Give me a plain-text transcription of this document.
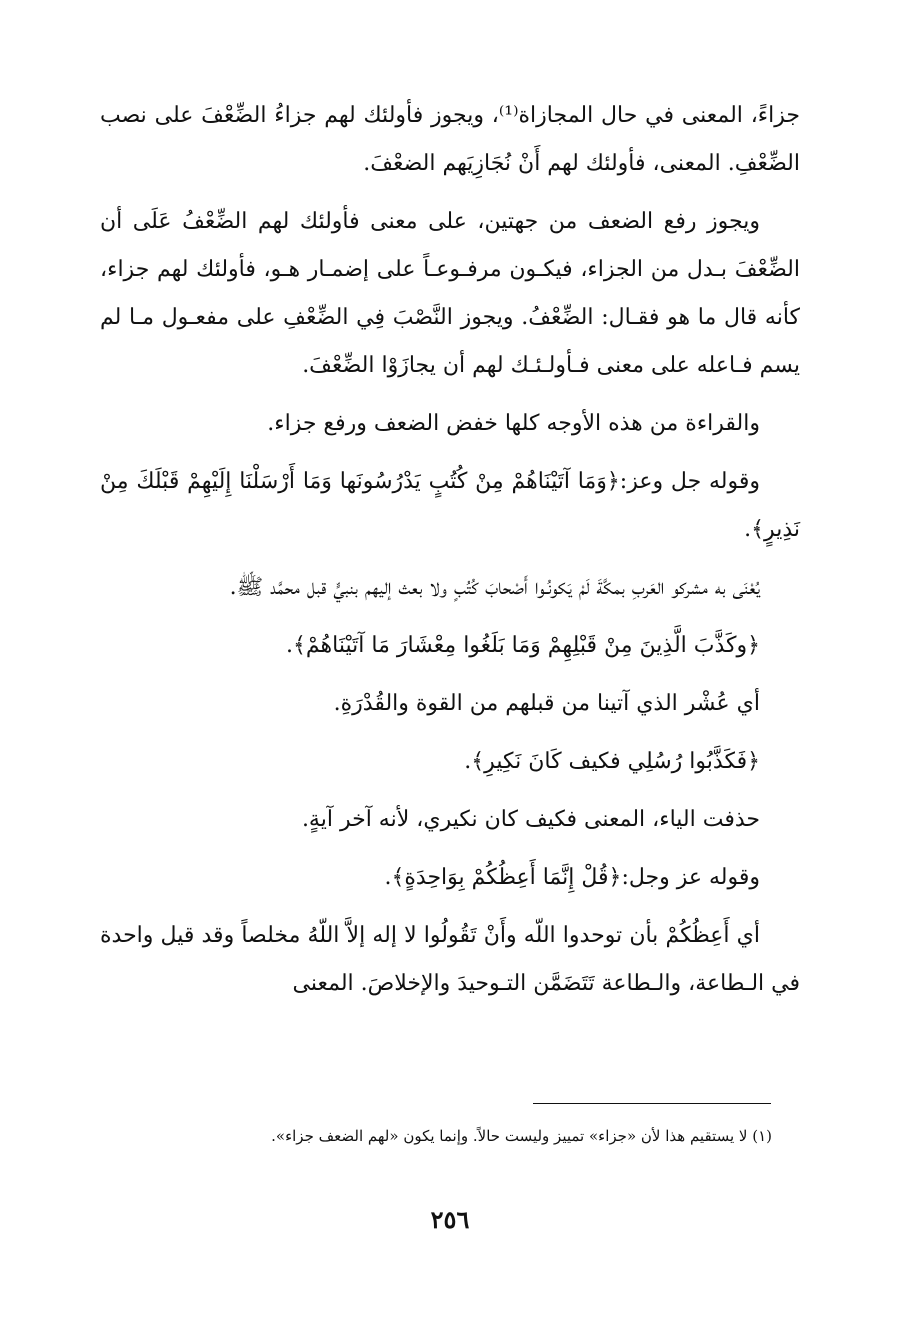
جزاءً، المعنى في حال المجازاة⁽¹⁾، ويجوز فأولئك لهم جزاءُ الضِّعْفَ على نصب الضِّعْفِ. المعنى، فأولئك لهم أَنْ نُجَازِيَهم الضعْفَ.

ويجوز رفع الضعف من جهتين، على معنى فأولئك لهم الضِّعْفُ عَلَى أن الضِّعْفَ بـدل من الجزاء، فيكـون مرفـوعـاً على إضمـار هـو، فأولئك لهم جزاء، كأنه قال ما هو فقـال: الضِّعْفُ. ويجوز النَّصْبَ فِي الضِّعْفِ على مفعـول مـا لم يسم فـاعله على معنى فـأولـئـك لهم أن يجازَوْا الضِّعْفَ.

والقراءة من هذه الأوجه كلها خفض الضعف ورفع جزاء.

وقوله جل وعز:﴿وَمَا آتَيْنَاهُمْ مِنْ كُتُبٍ يَدْرُسُونَها وَمَا أَرْسَلْنَا إِلَيْهِمْ قَبْلَكَ مِنْ نَذِيرٍ﴾.

يُعْنَى به مشركو العَربِ بمكَّةَ لَمْ يَكونُـوا أَصْحابَ كُتُبٍ ولا بعث إليهم بنبيٍّ قبل محمَّد ﷺ.

﴿وكَذَّبَ الَّذِينَ مِنْ قَبْلِهِمْ وَمَا بَلَغُوا مِعْشَارَ مَا آتَيْنَاهُمْ﴾.

أي عُشْر الذي آتينا من قبلهم من القوة والقُدْرَةِ.

﴿فَكَذَّبُوا رُسُلِي فكيف كَانَ نَكِيرِ﴾.

حذفت الياء، المعنى فكيف كان نكيري، لأنه آخر آيةٍ.

وقوله عز وجل:﴿قُلْ إِنَّمَا أَعِظُكُمْ بِوَاحِدَةٍ﴾.

أي أَعِظُكُمْ بأن توحدوا اللّه وأَنْ تَقُولُوا لا إله إلاَّ اللّهُ مخلصاً وقد قيل واحدة في الـطاعة، والـطاعة تَتَضَمَّن التـوحيدَ والإخلاصَ. المعنى

(١) لا يستقيم هذا لأن «جزاء» تمييز وليست حالاً. وإنما يكون «لهم الضعف جزاء».
٢٥٦
